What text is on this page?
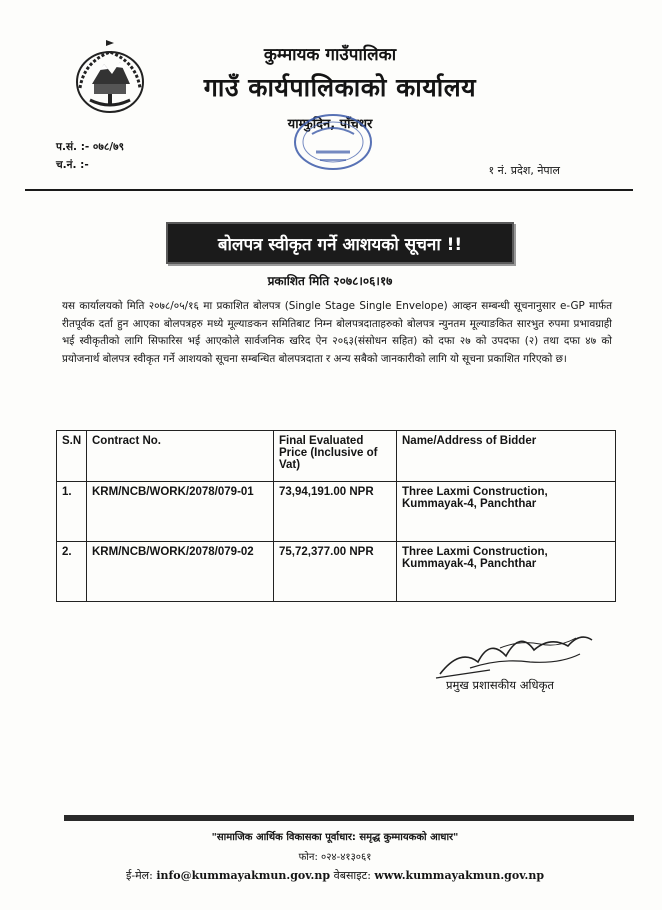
कुम्मायक गाउँपालिका
गाउँ कार्यपालिकाको कार्यालय
याम्फुदिन, पाँचथर
प.सं. :- ०७८/७९
च.नं. :-	१ नं. प्रदेश, नेपाल
बोलपत्र स्वीकृत गर्ने आशयको सूचना !!
प्रकाशित मिति २०७८।०६।१७
यस कार्यालयको मिति २०७८/०५/१६ मा प्रकाशित बोलपत्र (Single Stage Single Envelope) आव्हन सम्बन्धी सूचनानुसार e-GP मार्फत रीतपूर्वक दर्ता हुन आएका बोलपत्रहरु मध्ये मूल्याङकन समितिबाट निम्न बोलपत्रदाताहरुको बोलपत्र न्युनतम मूल्याङकित सारभुत रुपमा प्रभावग्राही भई स्वीकृतीको लागि सिफारिस भई आएकोले सार्वजनिक खरिद ऐन २०६३(संसोधन सहित) को दफा २७ को उपदफा (२) तथा दफा ४७ को प्रयोजनार्थ बोलपत्र स्वीकृत गर्ने आशयको सूचना सम्बन्धित बोलपत्रदाता र अन्य सबैको जानकारीको लागि यो सूचना प्रकाशित गरिएको छ।
S.N	Contract No.	Final Evaluated Price (Inclusive of Vat)	Name/Address of Bidder
1.	KRM/NCB/WORK/2078/079-01	73,94,191.00 NPR	Three Laxmi Construction,
Kummayak-4, Panchthar

2.	KRM/NCB/WORK/2078/079-02	75,72,377.00 NPR	Three Laxmi Construction,
Kummayak-4, Panchthar
प्रमुख प्रशासकीय अधिकृत
"सामाजिक आर्थिक विकासका पूर्वाधार: समृद्ध कुम्मायकको आधार"
फोन: ०२४-४१३०६१
ई-मेल: info@kummayakmun.gov.np वेबसाइट: www.kummayakmun.gov.np
